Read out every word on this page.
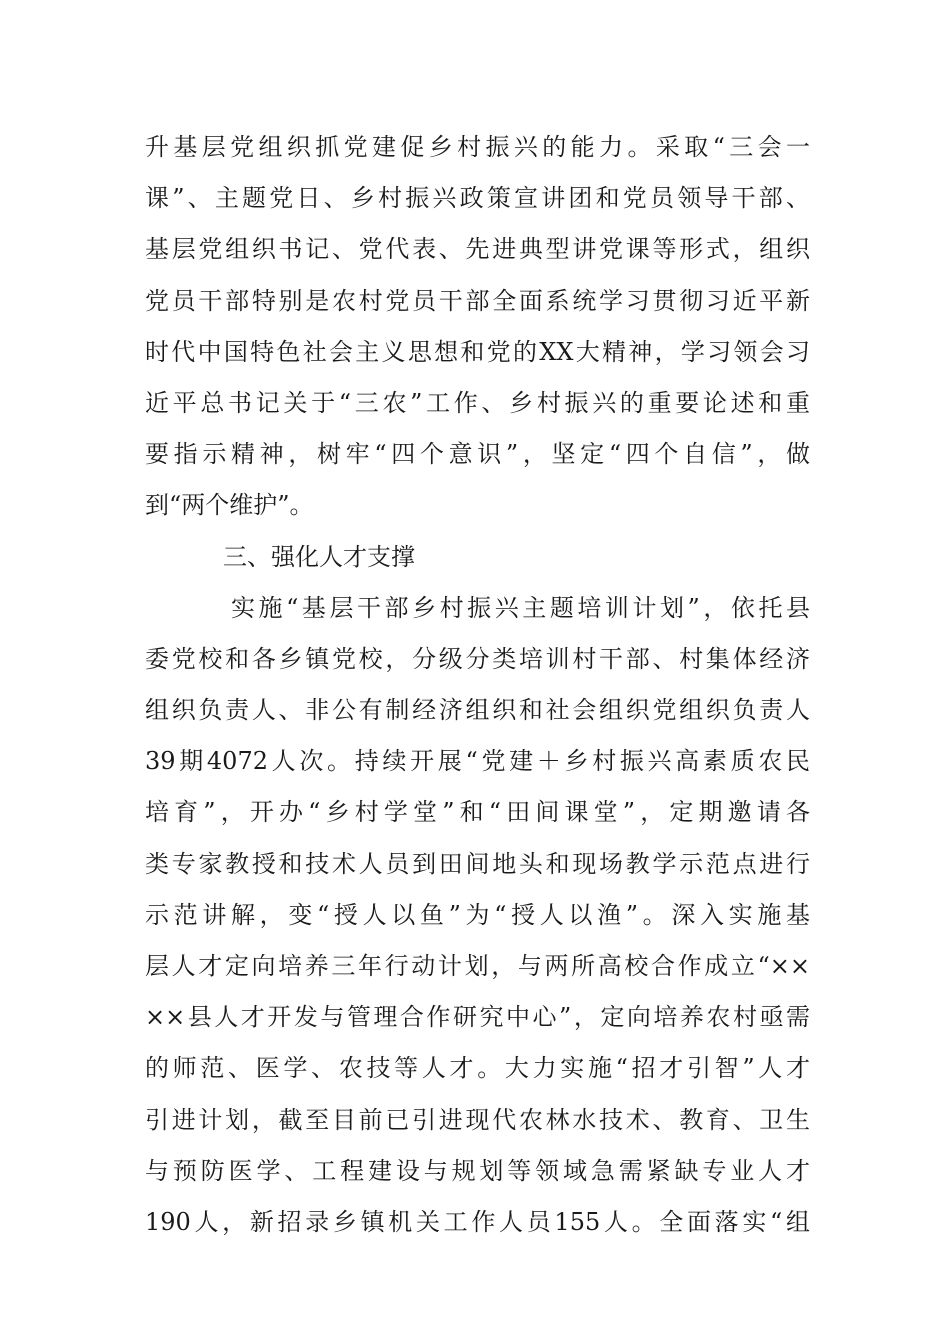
升基层党组织抓党建促乡村振兴的能力。采取“三会一
课”、主题党日、乡村振兴政策宣讲团和党员领导干部、
基层党组织书记、党代表、先进典型讲党课等形式，组织
党员干部特别是农村党员干部全面系统学习贯彻习近平新
时代中国特色社会主义思想和党的XX大精神，学习领会习
近平总书记关于“三农”工作、乡村振兴的重要论述和重
要指示精神，树牢“四个意识”，坚定“四个自信”，做
到“两个维护”。
三、强化人才支撑
实施“基层干部乡村振兴主题培训计划”，依托县
委党校和各乡镇党校，分级分类培训村干部、村集体经济
组织负责人、非公有制经济组织和社会组织党组织负责人
39期4072人次。持续开展“党建＋乡村振兴高素质农民
培育”，开办“乡村学堂”和“田间课堂”，定期邀请各
类专家教授和技术人员到田间地头和现场教学示范点进行
示范讲解，变“授人以鱼”为“授人以渔”。深入实施基
层人才定向培养三年行动计划，与两所高校合作成立“××
××县人才开发与管理合作研究中心”，定向培养农村亟需
的师范、医学、农技等人才。大力实施“招才引智”人才
引进计划，截至目前已引进现代农林水技术、教育、卫生
与预防医学、工程建设与规划等领域急需紧缺专业人才
190人，新招录乡镇机关工作人员155人。全面落实“组
